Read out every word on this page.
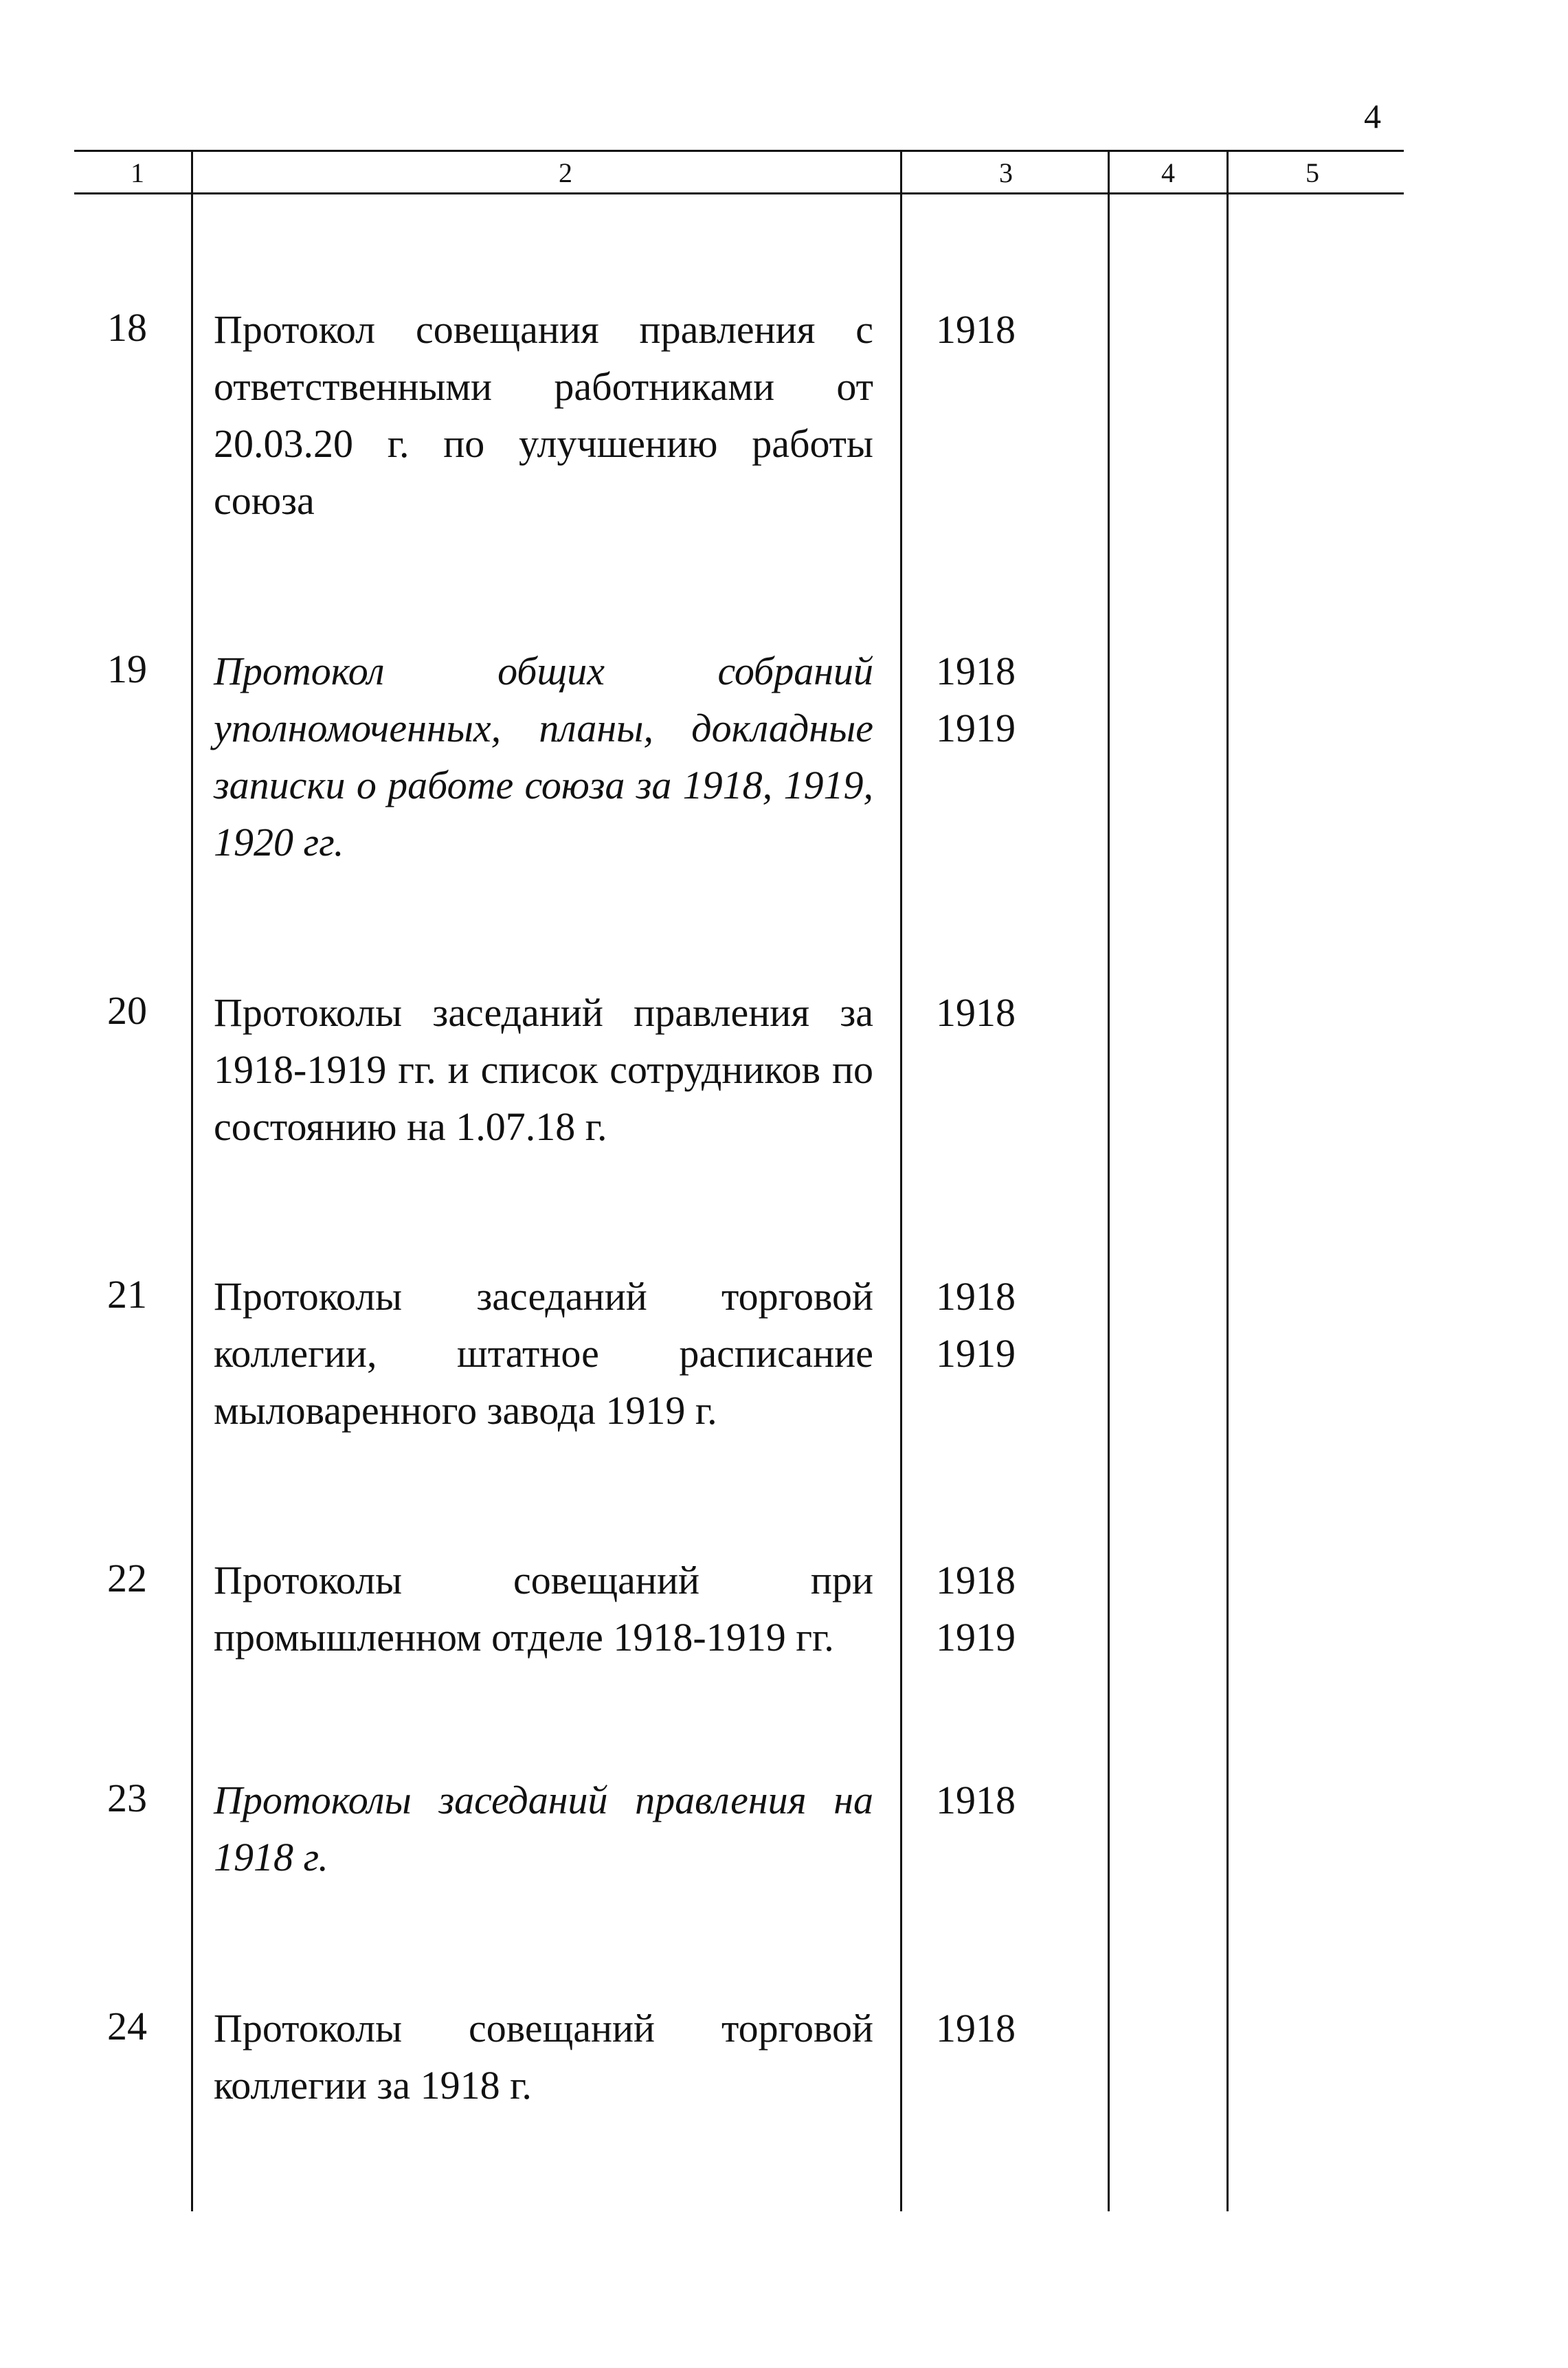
4
1	2	3	4	5
18	Протокол совещания правления с ответственными работниками от 20.03.20 г. по улучшению работы союза
1918
19	Протокол общих собраний уполномоченных, планы, докладные записки о работе союза за 1918, 1919, 1920 гг.
1918
1919
20	Протоколы заседаний правления за 1918-1919 гг. и список сотрудников по состоянию на 1.07.18 г.
1918
21	Протоколы заседаний торговой коллегии, штатное расписание мыловаренного завода 1919 г.
1918
1919
22	Протоколы совещаний при промышленном отделе 1918-1919 гг.
1918
1919
23	Протоколы заседаний правления на 1918 г.
1918
24	Протоколы совещаний торговой коллегии за 1918 г.
1918
